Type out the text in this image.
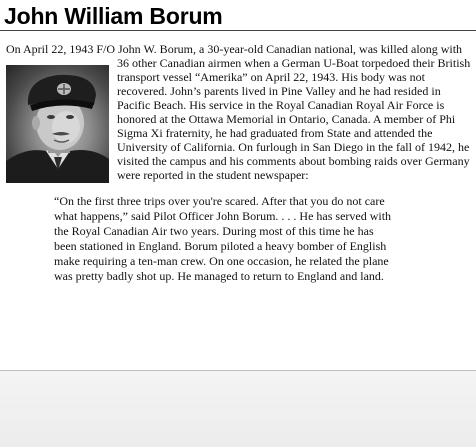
John William Borum
On April 22, 1943 F/O John W. Borum, a 30-year-old Canadian national, was killed along with
36 other Canadian airmen when a German U-Boat torpedoed their British
transport vessel “Amerika” on April 22, 1943. His body was not
recovered. John’s parents lived in Pine Valley and he had resided in
Pacific Beach. His service in the Royal Canadian Royal Air Force is
honored at the Ottawa Memorial in Ontario, Canada. A member of Phi
Sigma Xi fraternity, he had graduated from State and attended the
University of California. On furlough in San Diego in the fall of 1942, he
visited the campus and his comments about bombing raids over Germany
were reported in the student newspaper:
“On the first three trips over you're scared. After that you do not care
what happens,” said Pilot Officer John Borum. . . . He has served with
the Royal Canadian Air two years. During most of this time he has
been stationed in England. Borum piloted a heavy bomber of English
make requiring a ten-man crew. On one occasion, he related the plane
was pretty badly shot up. He managed to return to England and land.
